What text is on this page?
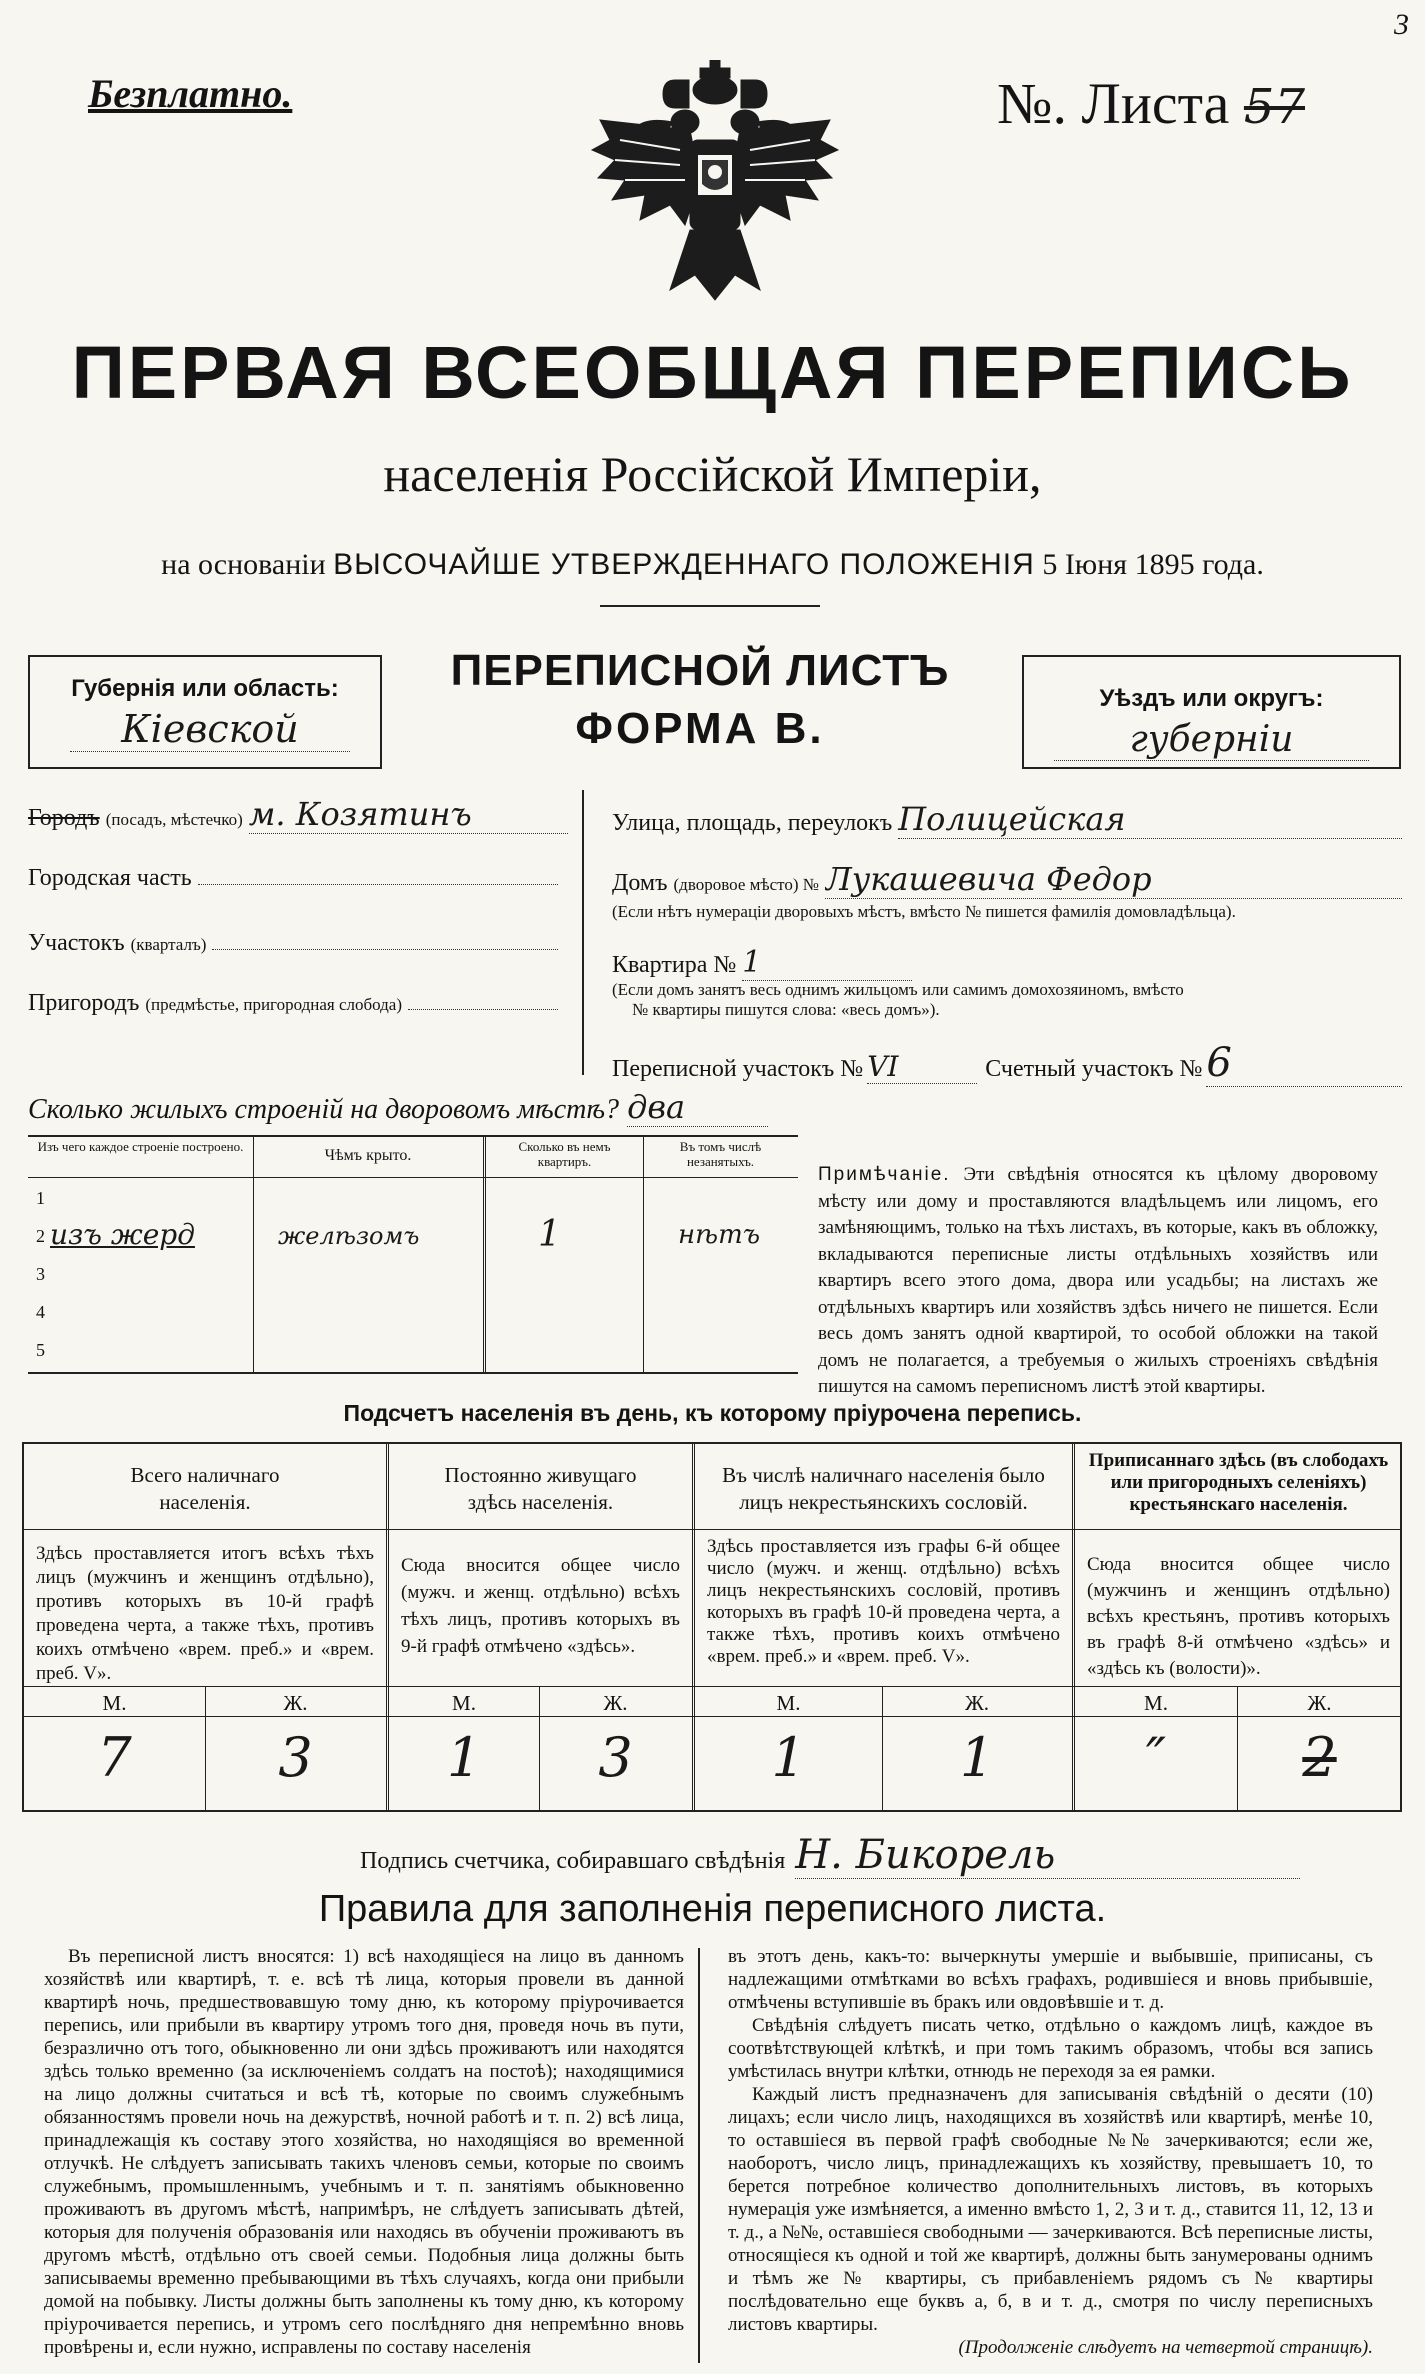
Безплатно.
3
№. Листа 57
ПЕРВАЯ ВСЕОБЩАЯ ПЕРЕПИСЬ
населенія Россійской Имперіи,
на основаніи ВЫСОЧАЙШЕ УТВЕРЖДЕННАГО ПОЛОЖЕНІЯ 5 Іюня 1895 года.
Губернія или область:
Кіевской
ПЕРЕПИСНОЙ ЛИСТЪ
ФОРМА В.
Уѣздъ или округъ:
губерніи
Городъ (посадъ, мѣстечко) м. Козятинъ
Городская часть
Участокъ (кварталъ)
Пригородъ (предмѣстье, пригородная слобода)
Улица, площадь, переулокъ Полицейская
Домъ (дворовое мѣсто) № Лукашевича Федор
(Если нѣтъ нумераціи дворовыхъ мѣстъ, вмѣсто № пишется фамилія домовладѣльца).
Квартира № 1
(Если домъ занятъ весь однимъ жильцомъ или самимъ домохозяиномъ, вмѣсто
№ квартиры пишутся слова: «весь домъ»).
Переписной участокъ № VI	Счетный участокъ № 6
Сколько жилыхъ строеній на дворовомъ мѣстѣ? два
Изъ чего каждое строеніе построено.
Чѣмъ крыто.
Сколько въ немъ квартиръ.
Въ томъ числѣ незанятыхъ.
1
2 изъ жерд	желѣзомъ	1	нѣтъ
3
4
5
Примѣчаніе. Эти свѣдѣнія относятся къ цѣлому дворовому мѣсту или дому и проставляются владѣльцемъ или лицомъ, его замѣняющимъ, только на тѣхъ листахъ, въ которые, какъ въ обложку, вкладываются переписные листы отдѣльныхъ хозяйствъ или квартиръ всего этого дома, двора или усадьбы; на листахъ же отдѣльныхъ квартиръ или хозяйствъ здѣсь ничего не пишется. Если весь домъ занятъ одной квартирой, то особой обложки на такой домъ не полагается, а требуемыя о жилыхъ строеніяхъ свѣдѣнія пишутся на самомъ переписномъ листѣ этой квартиры.
Подсчетъ населенія въ день, къ которому пріурочена перепись.
Всего наличнаго населенія.
Постоянно живущаго здѣсь населенія.
Въ числѣ наличнаго населенія было лицъ некрестьянскихъ сословій.
Приписаннаго здѣсь (въ слободахъ или пригородныхъ селеніяхъ) крестьянскаго населенія.
Здѣсь проставляется итогъ всѣхъ тѣхъ лицъ (мужчинъ и женщинъ отдѣльно), противъ которыхъ въ 10-й графѣ проведена черта, а также тѣхъ, противъ коихъ отмѣчено «врем. преб.» и «врем. преб. V».
Сюда вносится общее число (мужч. и женщ. отдѣльно) всѣхъ тѣхъ лицъ, противъ которыхъ въ 9-й графѣ отмѣчено «здѣсь».
Здѣсь проставляется изъ графы 6-й общее число (мужч. и женщ. отдѣльно) всѣхъ лицъ некрестьянскихъ сословій, противъ которыхъ въ графѣ 10-й проведена черта, а также тѣхъ, противъ коихъ отмѣчено «врем. преб.» и «врем. преб. V».
Сюда вносится общее число (мужчинъ и женщинъ отдѣльно) всѣхъ крестьянъ, противъ которыхъ въ графѣ 8-й отмѣчено «здѣсь» и «здѣсь къ (волости)».
М.	Ж.	М.	Ж.	М.	Ж.	М.	Ж.
7	3	1	3	1	1	″	2
Подпись счетчика, собиравшаго свѣдѣнія Н. Бикорель
Правила для заполненія переписного листа.
Въ переписной листъ вносятся: 1) всѣ находящіеся на лицо въ данномъ хозяйствѣ или квартирѣ, т. е. всѣ тѣ лица, которыя провели въ данной квартирѣ ночь, предшествовавшую тому дню, къ которому пріурочивается перепись, или прибыли въ квартиру утромъ того дня, проведя ночь въ пути, безразлично отъ того, обыкновенно ли они здѣсь проживаютъ или находятся здѣсь только временно (за исключеніемъ солдатъ на постоѣ); находящимися на лицо должны считаться и всѣ тѣ, которые по своимъ служебнымъ обязанностямъ провели ночь на дежурствѣ, ночной работѣ и т. п. 2) всѣ лица, принадлежащія къ составу этого хозяйства, но находящіяся во временной отлучкѣ. Не слѣдуетъ записывать такихъ членовъ семьи, которые по своимъ служебнымъ, промышленнымъ, учебнымъ и т. п. занятіямъ обыкновенно проживаютъ въ другомъ мѣстѣ, напримѣръ, не слѣдуетъ записывать дѣтей, которыя для полученія образованія или находясь въ обученіи проживаютъ въ другомъ мѣстѣ, отдѣльно отъ своей семьи. Подобныя лица должны быть записываемы временно пребывающими въ тѣхъ случаяхъ, когда они прибыли домой на побывку. Листы должны быть заполнены къ тому дню, къ которому пріурочивается перепись, и утромъ сего послѣдняго дня непремѣнно вновь провѣрены и, если нужно, исправлены по составу населенія
въ этотъ день, какъ-то: вычеркнуты умершіе и выбывшіе, приписаны, съ надлежащими отмѣтками во всѣхъ графахъ, родившіеся и вновь прибывшіе, отмѣчены вступившіе въ бракъ или овдовѣвшіе и т. д.
Свѣдѣнія слѣдуетъ писать четко, отдѣльно о каждомъ лицѣ, каждое въ соотвѣтствующей клѣткѣ, и при томъ такимъ образомъ, чтобы вся запись умѣстилась внутри клѣтки, отнюдь не переходя за ея рамки.
Каждый листъ предназначенъ для записыванія свѣдѣній о десяти (10) лицахъ; если число лицъ, находящихся въ хозяйствѣ или квартирѣ, менѣе 10, то оставшіеся въ первой графѣ свободные №№ зачеркиваются; если же, наоборотъ, число лицъ, принадлежащихъ къ хозяйству, превышаетъ 10, то берется потребное количество дополнительныхъ листовъ, въ которыхъ нумерація уже измѣняется, а именно вмѣсто 1, 2, 3 и т. д., ставится 11, 12, 13 и т. д., а №№, оставшіеся свободными — зачеркиваются. Всѣ переписные листы, относящіеся къ одной и той же квартирѣ, должны быть занумерованы однимъ и тѣмъ же № квартиры, съ прибавленіемъ рядомъ съ № квартиры послѣдовательно еще буквъ а, б, в и т. д., смотря по числу переписныхъ листовъ квартиры.
(Продолженіе слѣдуетъ на четвертой страницѣ).
